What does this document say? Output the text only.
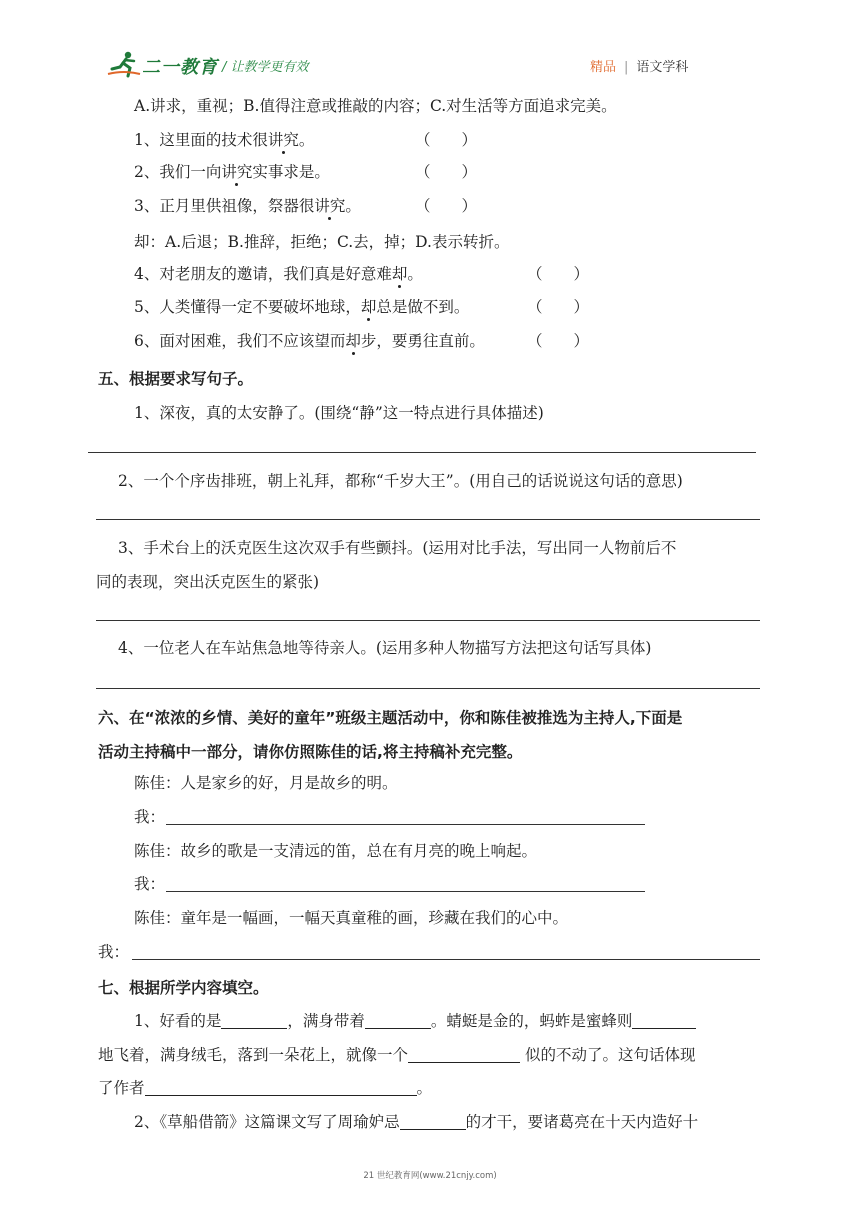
二一教育 / 让教学更有效	精品 | 语文学科
A.讲求，重视；B.值得注意或推敲的内容；C.对生活等方面追求完美。
1、这里面的技术很讲究。	（　　）
2、我们一向讲究实事求是。	（　　）
3、正月里供祖像，祭器很讲究。	（　　）
却：A.后退；B.推辞，拒绝；C.去，掉；D.表示转折。
4、对老朋友的邀请，我们真是好意难却。	（　　）
5、人类懂得一定不要破坏地球，却总是做不到。	（　　）
6、面对困难，我们不应该望而却步，要勇往直前。	（　　）
五、根据要求写句子。
1、深夜，真的太安静了。(围绕“静”这一特点进行具体描述)
2、一个个序齿排班，朝上礼拜，都称“千岁大王”。(用自己的话说说这句话的意思)
3、手术台上的沃克医生这次双手有些颤抖。(运用对比手法，写出同一人物前后不
同的表现，突出沃克医生的紧张)
4、一位老人在车站焦急地等待亲人。(运用多种人物描写方法把这句话写具体)
六、在“浓浓的乡情、美好的童年”班级主题活动中，你和陈佳被推选为主持人,下面是
活动主持稿中一部分，请你仿照陈佳的话,将主持稿补充完整。
陈佳：人是家乡的好，月是故乡的明。
我：
陈佳：故乡的歌是一支清远的笛，总在有月亮的晚上响起。
我：
陈佳：童年是一幅画，一幅天真童稚的画，珍藏在我们的心中。
我：
七、根据所学内容填空。
1、好看的是	，满身带着	。蜻蜓是金的，蚂蚱是蜜蜂则
地飞着，满身绒毛，落到一朵花上，就像一个	似的不动了。这句话体现
了作者	。
2、《草船借箭》这篇课文写了周瑜妒忌	的才干，要诸葛亮在十天内造好十
21 世纪教育网(www.21cnjy.com)
